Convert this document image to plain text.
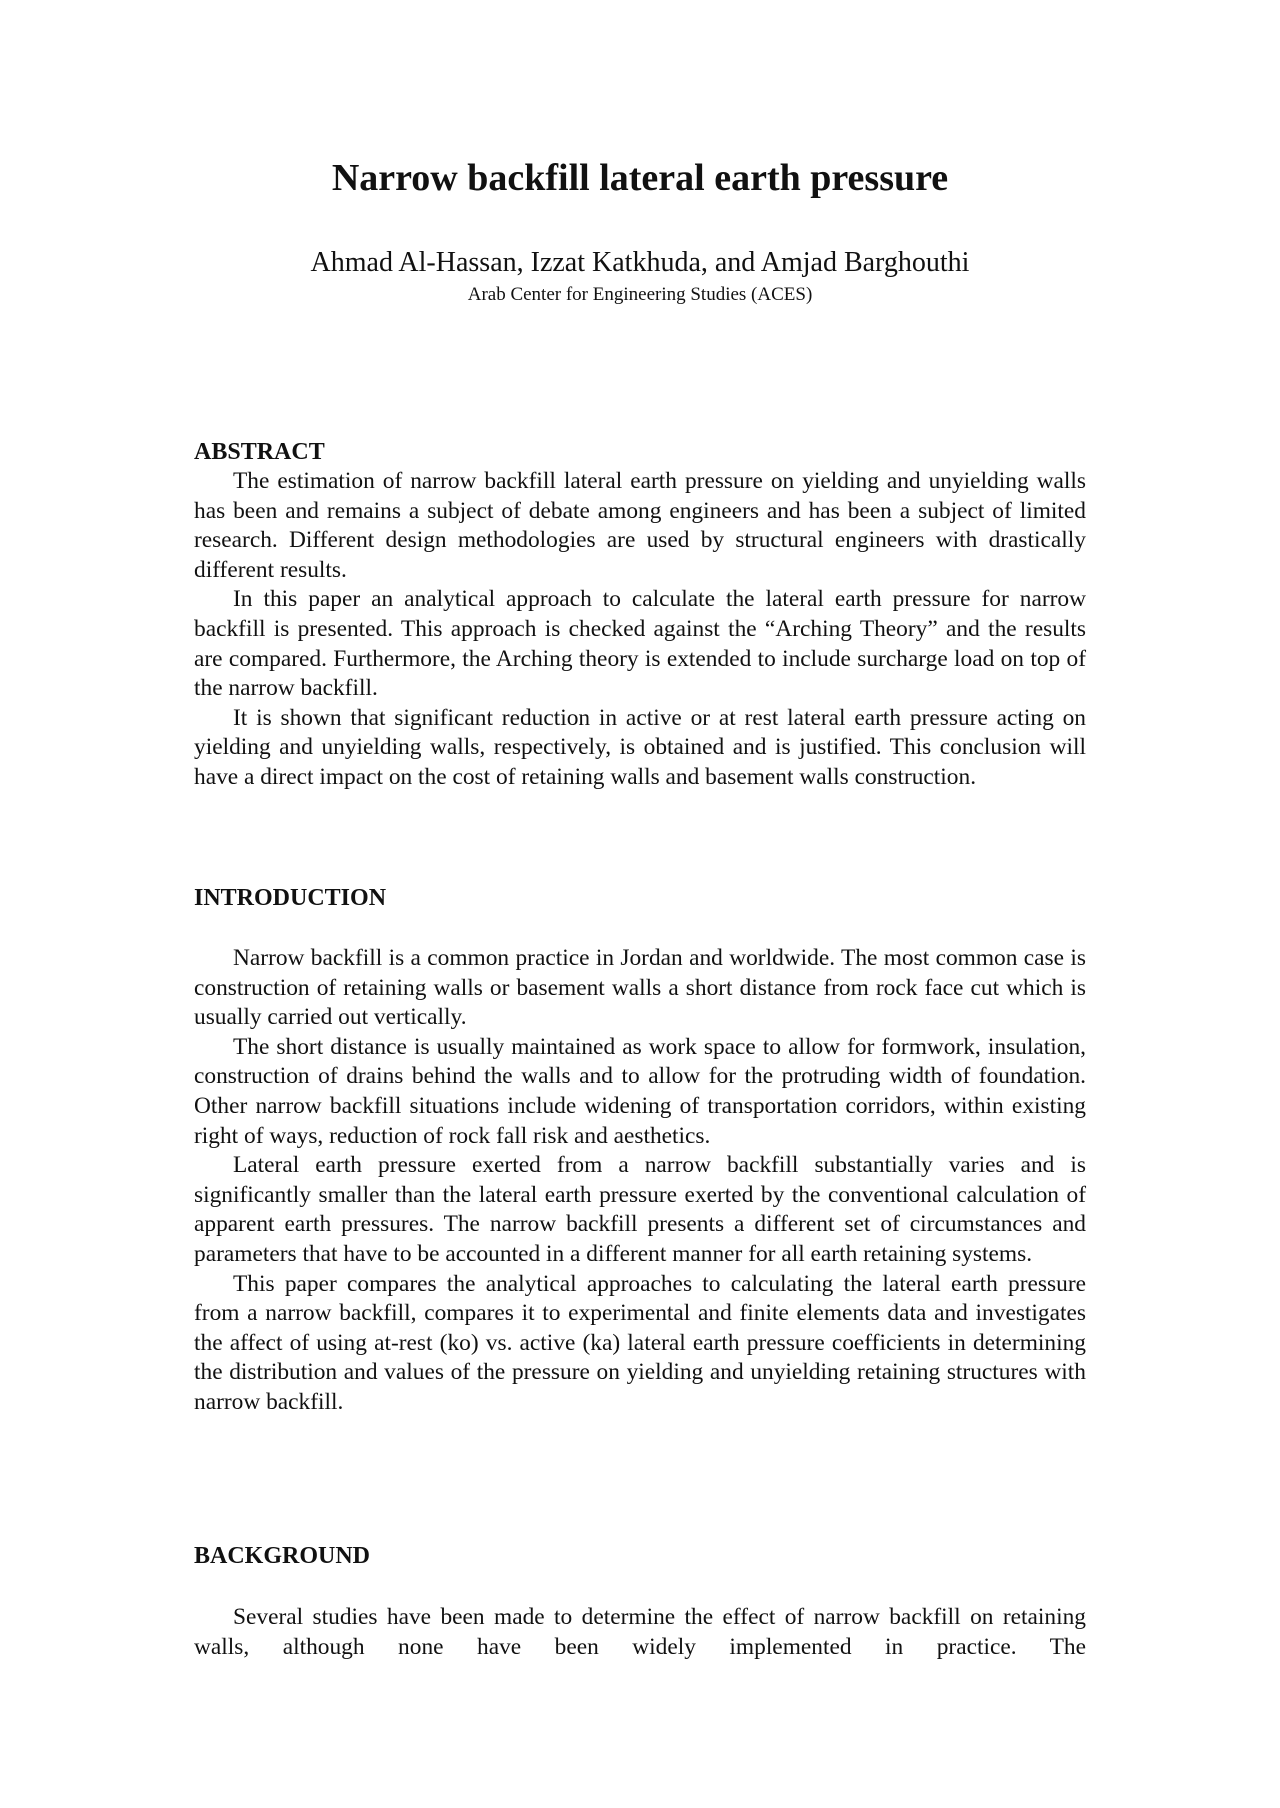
Narrow backfill lateral earth pressure
Ahmad Al-Hassan, Izzat Katkhuda, and Amjad Barghouthi
Arab Center for Engineering Studies (ACES)
ABSTRACT

The estimation of narrow backfill lateral earth pressure on yielding and unyielding walls has been and remains a subject of debate among engineers and has been a subject of limited research. Different design methodologies are used by structural engineers with drastically different results.

In this paper an analytical approach to calculate the lateral earth pressure for narrow backfill is presented. This approach is checked against the “Arching Theory” and the results are compared. Furthermore, the Arching theory is extended to include surcharge load on top of the narrow backfill.

It is shown that significant reduction in active or at rest lateral earth pressure acting on yielding and unyielding walls, respectively, is obtained and is justified. This conclusion will have a direct impact on the cost of retaining walls and basement walls construction.

INTRODUCTION

Narrow backfill is a common practice in Jordan and worldwide. The most common case is construction of retaining walls or basement walls a short distance from rock face cut which is usually carried out vertically.

The short distance is usually maintained as work space to allow for formwork, insulation, construction of drains behind the walls and to allow for the protruding width of foundation. Other narrow backfill situations include widening of transportation corridors, within existing right of ways, reduction of rock fall risk and aesthetics.

Lateral earth pressure exerted from a narrow backfill substantially varies and is significantly smaller than the lateral earth pressure exerted by the conventional calculation of apparent earth pressures. The narrow backfill presents a different set of circumstances and parameters that have to be accounted in a different manner for all earth retaining systems.

This paper compares the analytical approaches to calculating the lateral earth pressure from a narrow backfill, compares it to experimental and finite elements data and investigates the affect of using at-rest (ko) vs. active (ka) lateral earth pressure coefficients in determining the distribution and values of the pressure on yielding and unyielding retaining structures with narrow backfill.

BACKGROUND

Several studies have been made to determine the effect of narrow backfill on retaining walls, although none have been widely implemented in practice. The
